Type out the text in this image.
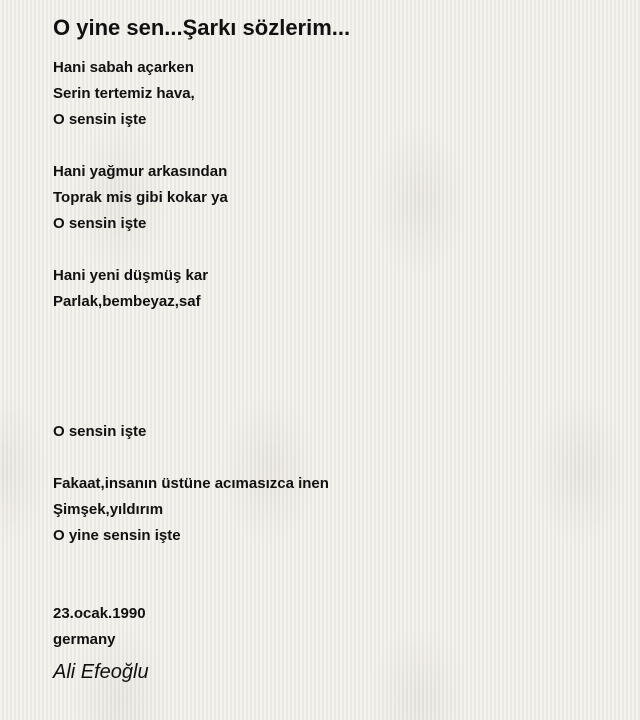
O yine sen...Şarkı sözlerim...
Hani sabah açarken
Serin tertemiz hava,
O sensin işte
Hani yağmur arkasından
Toprak mis gibi kokar ya
O sensin işte
Hani yeni düşmüş kar
Parlak,bembeyaz,saf
O sensin işte
Fakaat,insanın üstüne acımasızca inen
Şimşek,yıldırım
O yine sensin işte
23.ocak.1990
germany
Ali Efeoğlu
